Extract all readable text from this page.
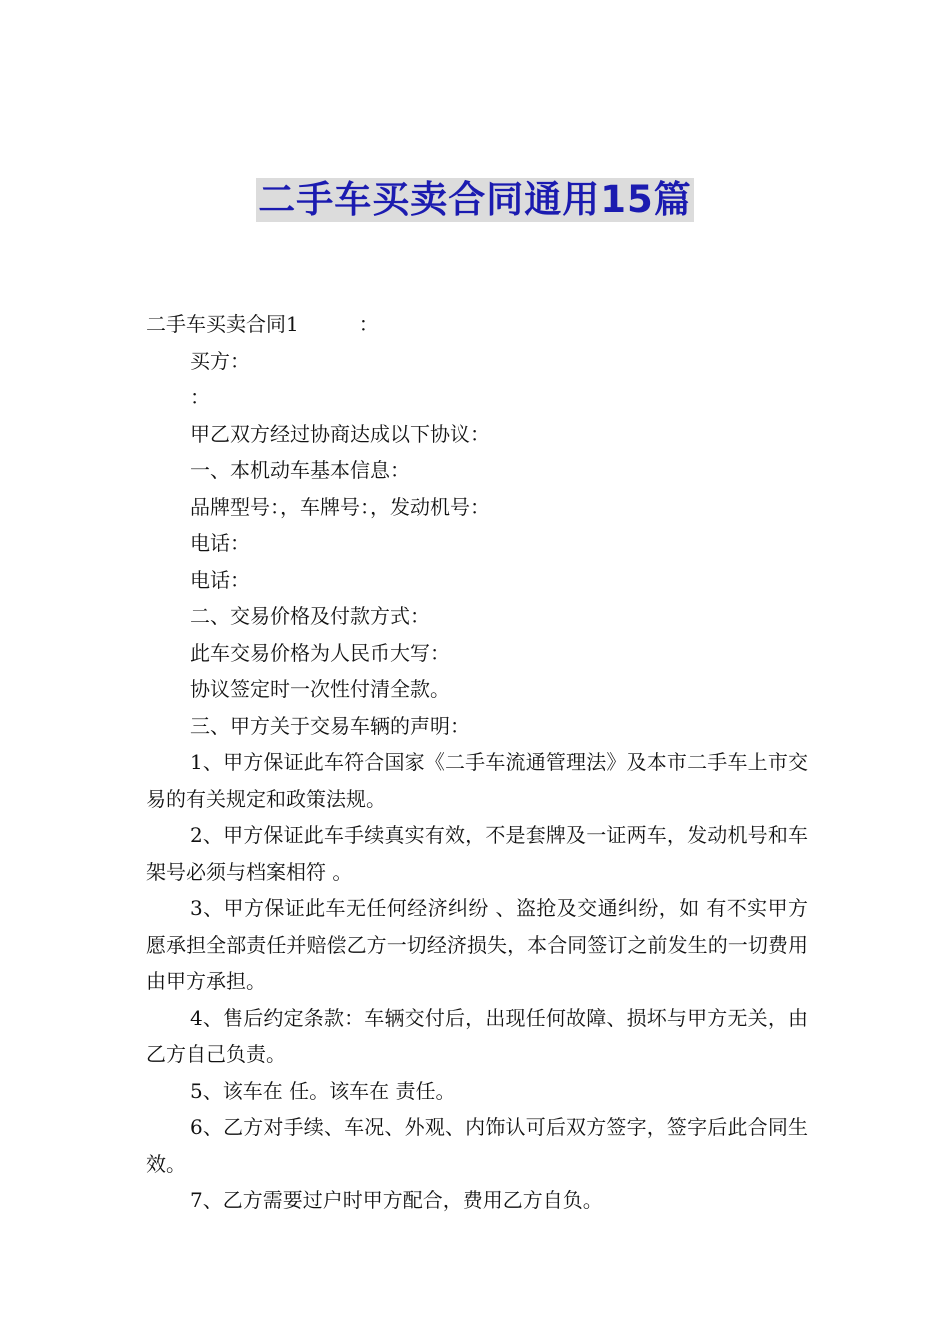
二手车买卖合同通用15篇

二手车买卖合同1　　　：

买方：

：

甲乙双方经过协商达成以下协议：

一、本机动车基本信息：

品牌型号：，车牌号：，发动机号：

电话：

电话：

二、交易价格及付款方式：

此车交易价格为人民币大写：

协议签定时一次性付清全款。

三、甲方关于交易车辆的声明：

1、甲方保证此车符合国家《二手车流通管理法》及本市二手车上市交易的有关规定和政策法规。

2、甲方保证此车手续真实有效，不是套牌及一证两车，发动机号和车架号必须与档案相符 。

3、甲方保证此车无任何经济纠纷 、盗抢及交通纠纷，如 有不实甲方愿承担全部责任并赔偿乙方一切经济损失，本合同签订之前发生的一切费用由甲方承担。

4、售后约定条款：车辆交付后，出现任何故障、损坏与甲方无关，由乙方自己负责。

5、该车在 任。该车在 责任。

6、乙方对手续、车况、外观、内饰认可后双方签字，签字后此合同生效。

7、乙方需要过户时甲方配合，费用乙方自负。
